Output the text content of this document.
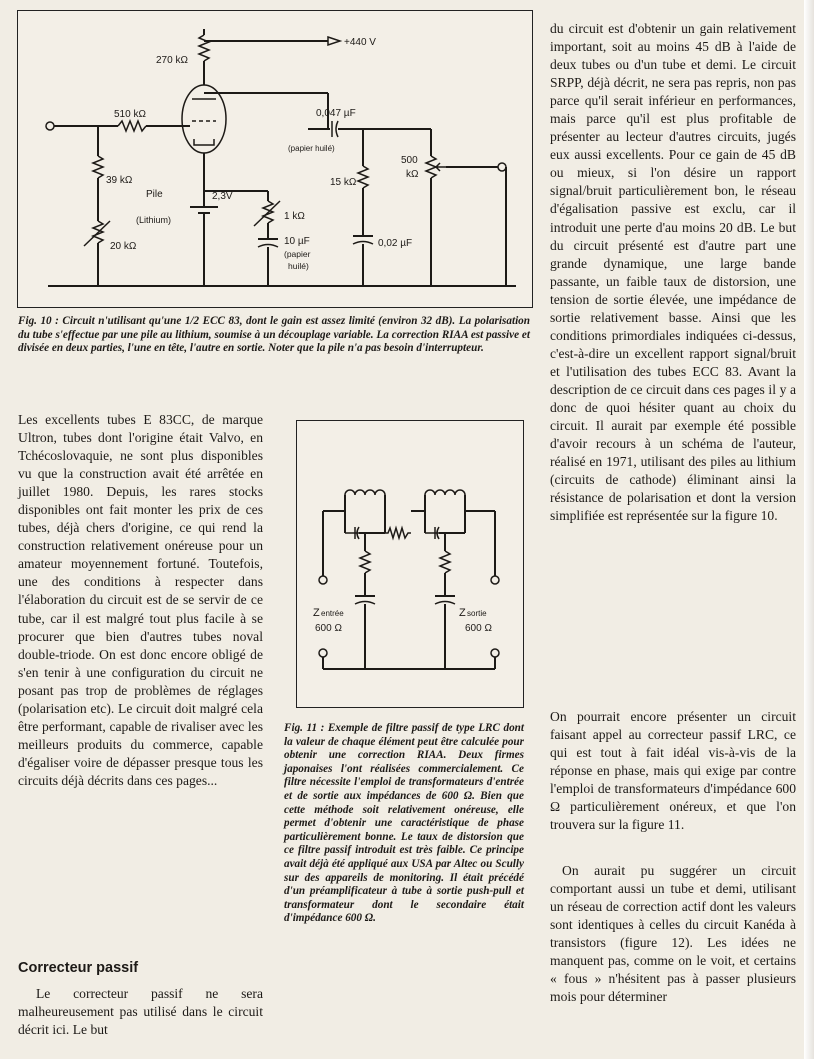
270 kΩ
+440 V
510 kΩ	0,047 µF
(papier huilé)
39 kΩ
Pile	2,3V
(Lithium)	1 kΩ
10 µF
(papier
huilé)
20 kΩ
15 kΩ
0,02 µF
500
kΩ

Fig. 10 : Circuit n'utilisant qu'une 1/2 ECC 83, dont le gain est assez limité (environ 32 dB). La polarisation du tube s'effectue par une pile au lithium, soumise à un découplage variable. La correction RIAA est passive et divisée en deux parties, l'une en tête, l'autre en sortie. Noter que la pile n'a pas besoin d'interrupteur.

Les excellents tubes E 83CC, de marque Ultron, tubes dont l'origine était Valvo, en Tchécoslovaquie, ne sont plus disponibles vu que la construction avait été arrêtée en juillet 1980. Depuis, les rares stocks disponibles ont fait monter les prix de ces tubes, déjà chers d'origine, ce qui rend la construction relativement onéreuse pour un amateur moyennement fortuné. Toutefois, une des conditions à respecter dans l'élaboration du circuit est de se servir de ce tube, car il est malgré tout plus facile à se procurer que bien d'autres tubes noval double-triode. On est donc encore obligé de s'en tenir à une configuration du circuit ne posant pas trop de problèmes de réglages (polarisation etc). Le circuit doit malgré cela être performant, capable de rivaliser avec les meilleurs produits du commerce, capable d'égaliser voire de dépasser presque tous les circuits déjà décrits dans ces pages...

Correcteur passif

Le correcteur passif ne sera malheureusement pas utilisé dans le circuit décrit ici. Le but

Z entrée
600 Ω
Z sortie
600 Ω

Fig. 11 : Exemple de filtre passif de type LRC dont la valeur de chaque élément peut être calculée pour obtenir une correction RIAA. Deux firmes japonaises l'ont réalisées commercialement. Ce filtre nécessite l'emploi de transformateurs d'entrée et de sortie aux impédances de 600 Ω. Bien que cette méthode soit relativement onéreuse, elle permet d'obtenir une caractéristique de phase particulièrement bonne. Le taux de distorsion que ce filtre passif introduit est très faible. Ce principe avait déjà été appliqué aux USA par Altec ou Scully sur des appareils de monitoring. Il était précédé d'un préamplificateur à tube à sortie push-pull et transformateur dont le secondaire était d'impédance 600 Ω.

du circuit est d'obtenir un gain relativement important, soit au moins 45 dB à l'aide de deux tubes ou d'un tube et demi. Le circuit SRPP, déjà décrit, ne sera pas repris, non pas parce qu'il serait inférieur en performances, mais parce qu'il est plus profitable de présenter au lecteur d'autres circuits, jugés eux aussi excellents. Pour ce gain de 45 dB ou mieux, si l'on désire un rapport signal/bruit particulièrement bon, le réseau d'égalisation passive est exclu, car il introduit une perte d'au moins 20 dB. Le but du circuit présenté est d'autre part une grande dynamique, une large bande passante, un faible taux de distorsion, une tension de sortie élevée, une impédance de sortie relativement basse. Ainsi que les conditions primordiales indiquées ci-dessus, c'est-à-dire un excellent rapport signal/bruit et l'utilisation des tubes ECC 83. Avant la description de ce circuit dans ces pages il y a donc de quoi hésiter quant au choix du circuit. Il aurait par exemple été possible d'avoir recours à un schéma de l'auteur, réalisé en 1971, utilisant des piles au lithium (circuits de cathode) éliminant ainsi la résistance de polarisation et dont la version simplifiée est représentée sur la figure 10.

On pourrait encore présenter un circuit faisant appel au correcteur passif LRC, ce qui est tout à fait idéal vis-à-vis de la réponse en phase, mais qui exige par contre l'emploi de transformateurs d'impédance 600 Ω particulièrement onéreux, et que l'on trouvera sur la figure 11.

On aurait pu suggérer un circuit comportant aussi un tube et demi, utilisant un réseau de correction actif dont les valeurs sont identiques à celles du circuit Kanéda à transistors (figure 12). Les idées ne manquent pas, comme on le voit, et certains « fous » n'hésitent pas à passer plusieurs mois pour déterminer
